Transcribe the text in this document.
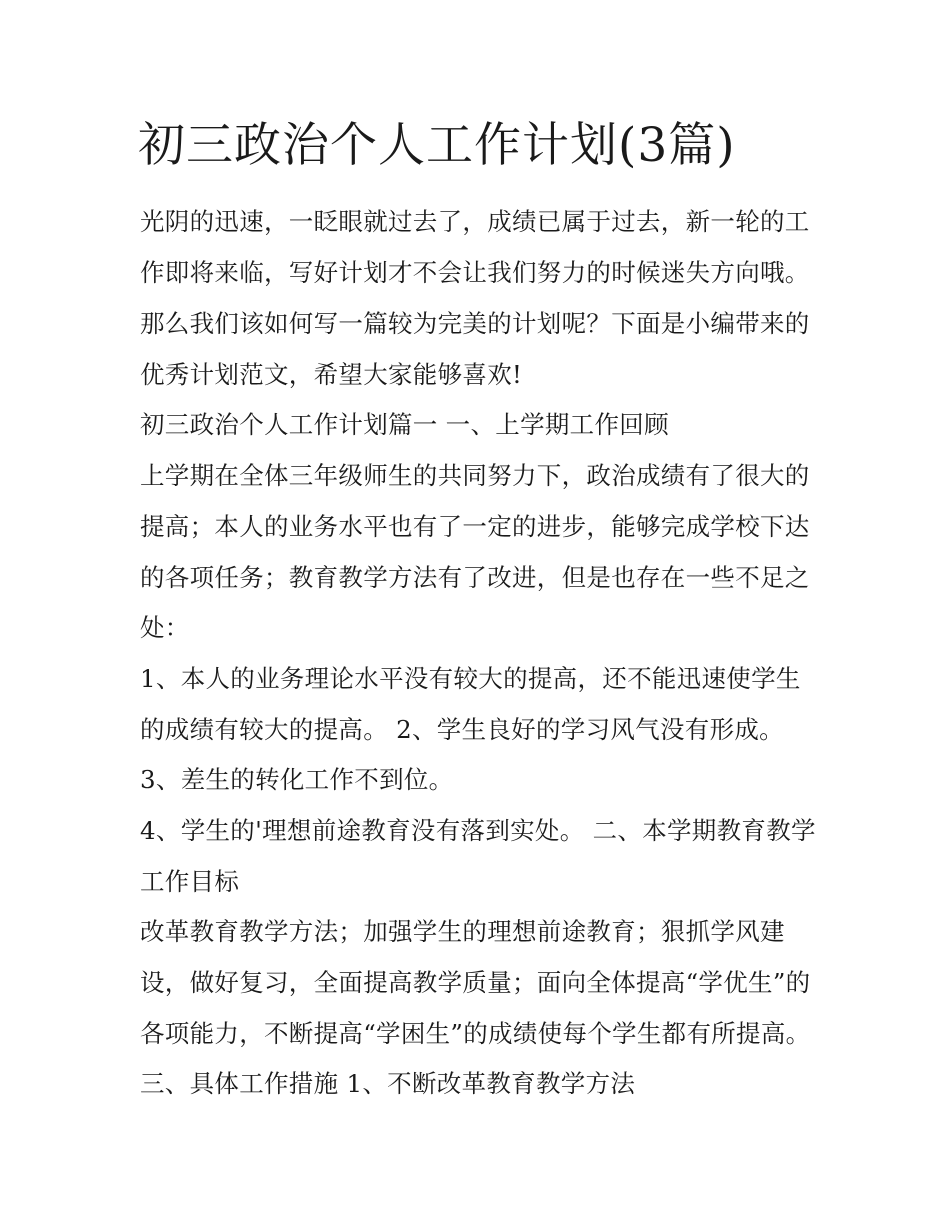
初三政治个人工作计划(3篇)

光阴的迅速，一眨眼就过去了，成绩已属于过去，新一轮的工

作即将来临，写好计划才不会让我们努力的时候迷失方向哦。

那么我们该如何写一篇较为完美的计划呢？下面是小编带来的

优秀计划范文，希望大家能够喜欢!

初三政治个人工作计划篇一 一、上学期工作回顾

上学期在全体三年级师生的共同努力下，政治成绩有了很大的

提高；本人的业务水平也有了一定的进步，能够完成学校下达

的各项任务；教育教学方法有了改进，但是也存在一些不足之

处：

1、本人的业务理论水平没有较大的提高，还不能迅速使学生

的成绩有较大的提高。 2、学生良好的学习风气没有形成。

3、差生的转化工作不到位。

4、学生的'理想前途教育没有落到实处。 二、本学期教育教学

工作目标

改革教育教学方法；加强学生的理想前途教育；狠抓学风建

设，做好复习，全面提高教学质量；面向全体提高“学优生”的

各项能力，不断提高“学困生”的成绩使每个学生都有所提高。

三、具体工作措施 1、不断改革教育教学方法
